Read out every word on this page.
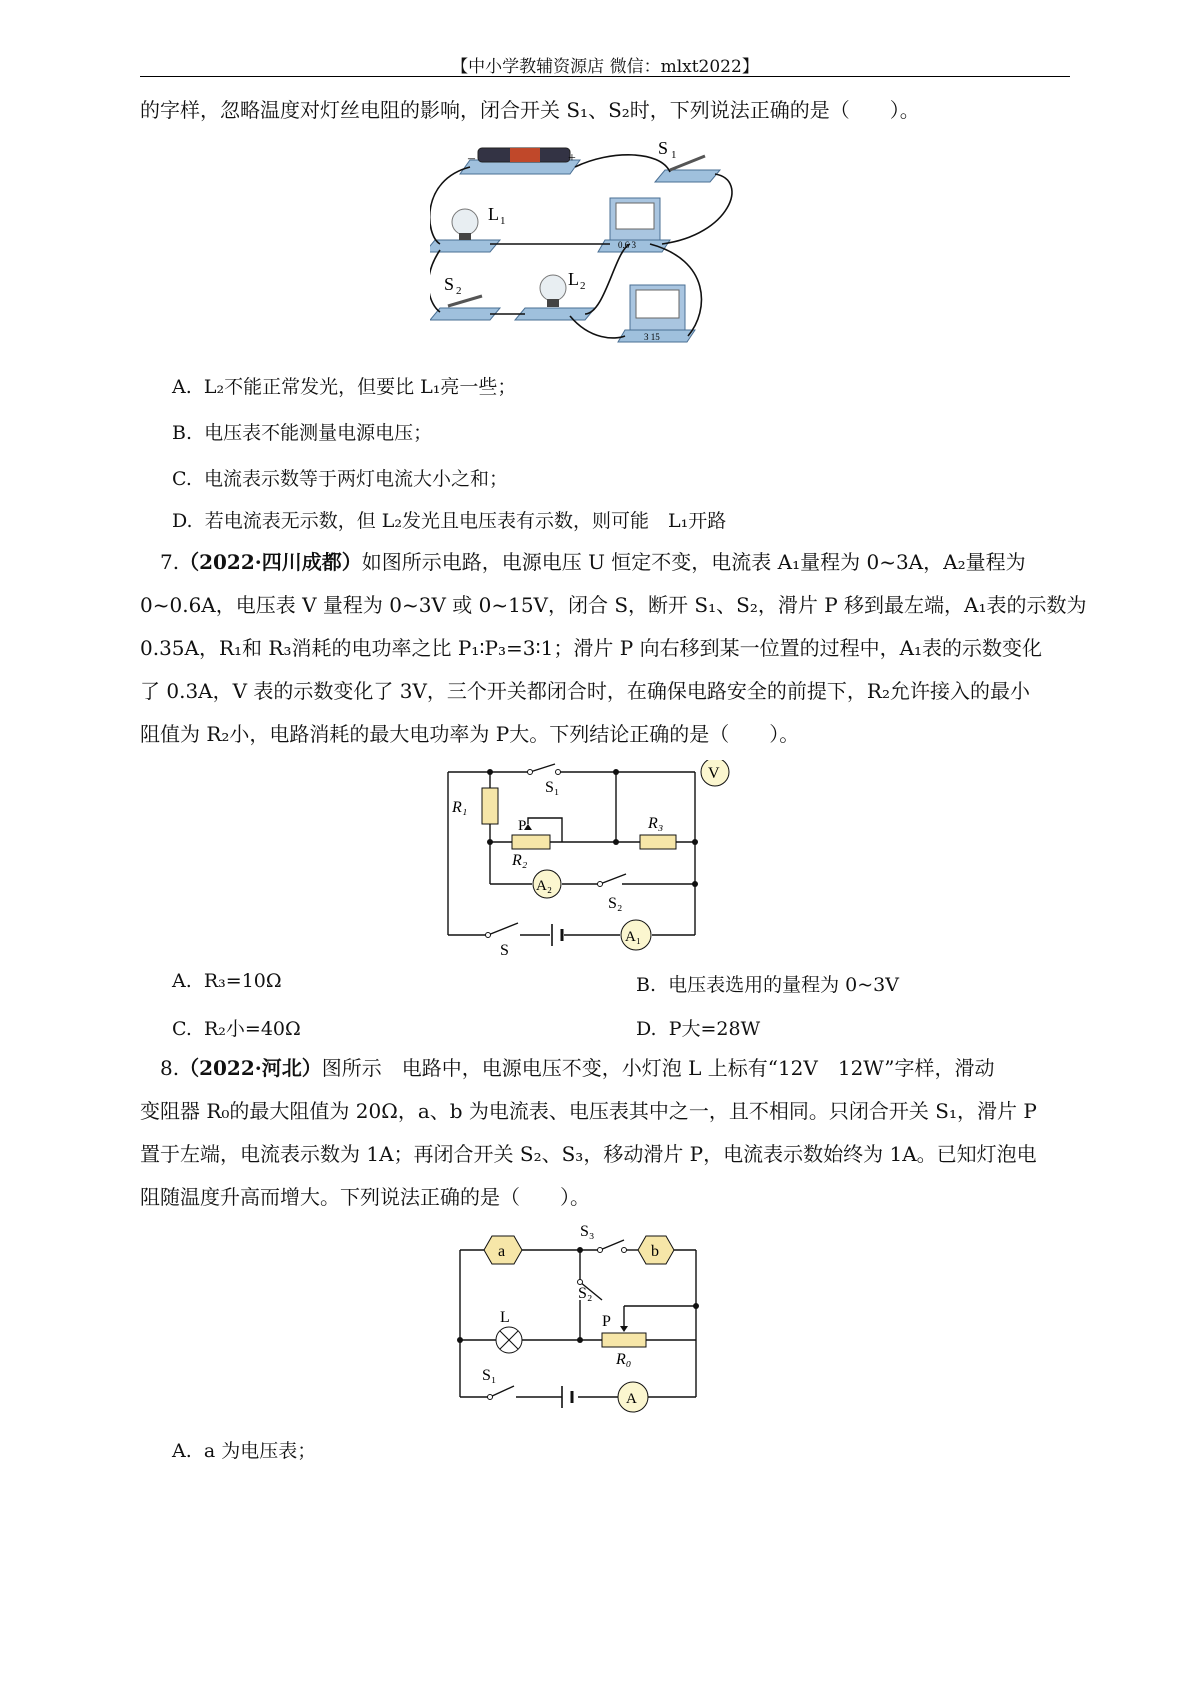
【中小学教辅资源店 微信：mlxt2022】
的字样，忽略温度对灯丝电阻的影响，闭合开关 S₁、S₂时，下列说法正确的是（　　）。
–	+
S 1
L 1
0.6 3
S 2
L 2
3 15
A. L₂不能正常发光，但要比 L₁亮一些；
B. 电压表不能测量电源电压；
C. 电流表示数等于两灯电流大小之和；
D. 若电流表无示数，但 L₂发光且电压表有示数，则可能　L₁开路
7.（2022·四川成都）如图所示电路，电源电压 U 恒定不变，电流表 A₁量程为 0~3A，A₂量程为
0~0.6A，电压表 V 量程为 0~3V 或 0~15V，闭合 S，断开 S₁、S₂，滑片 P 移到最左端，A₁表的示数为
0.35A，R₁和 R₃消耗的电功率之比 P₁∶P₃=3∶1；滑片 P 向右移到某一位置的过程中，A₁表的示数变化
了 0.3A，V 表的示数变化了 3V，三个开关都闭合时，在确保电路安全的前提下，R₂允许接入的最小
阻值为 R₂小，电路消耗的最大电功率为 P大。下列结论正确的是（　　）。
S₁
V
R₁
P	R₃
R₂
A₂
S₂
S
A₁
A. R₃=10Ω	B. 电压表选用的量程为 0~3V
C. R₂小=40Ω	D. P大=28W
8.（2022·河北）图所示　电路中，电源电压不变，小灯泡 L 上标有“12V　12W”字样，滑动
变阻器 R₀的最大阻值为 20Ω，a、b 为电流表、电压表其中之一，且不相同。只闭合开关 S₁，滑片 P
置于左端，电流表示数为 1A；再闭合开关 S₂、S₃，移动滑片 P，电流表示数始终为 1A。已知灯泡电
阻随温度升高而增大。下列说法正确的是（　　）。
a	b
S₃
S₂
L	P
R₀
S₁
A
A. a 为电压表；
